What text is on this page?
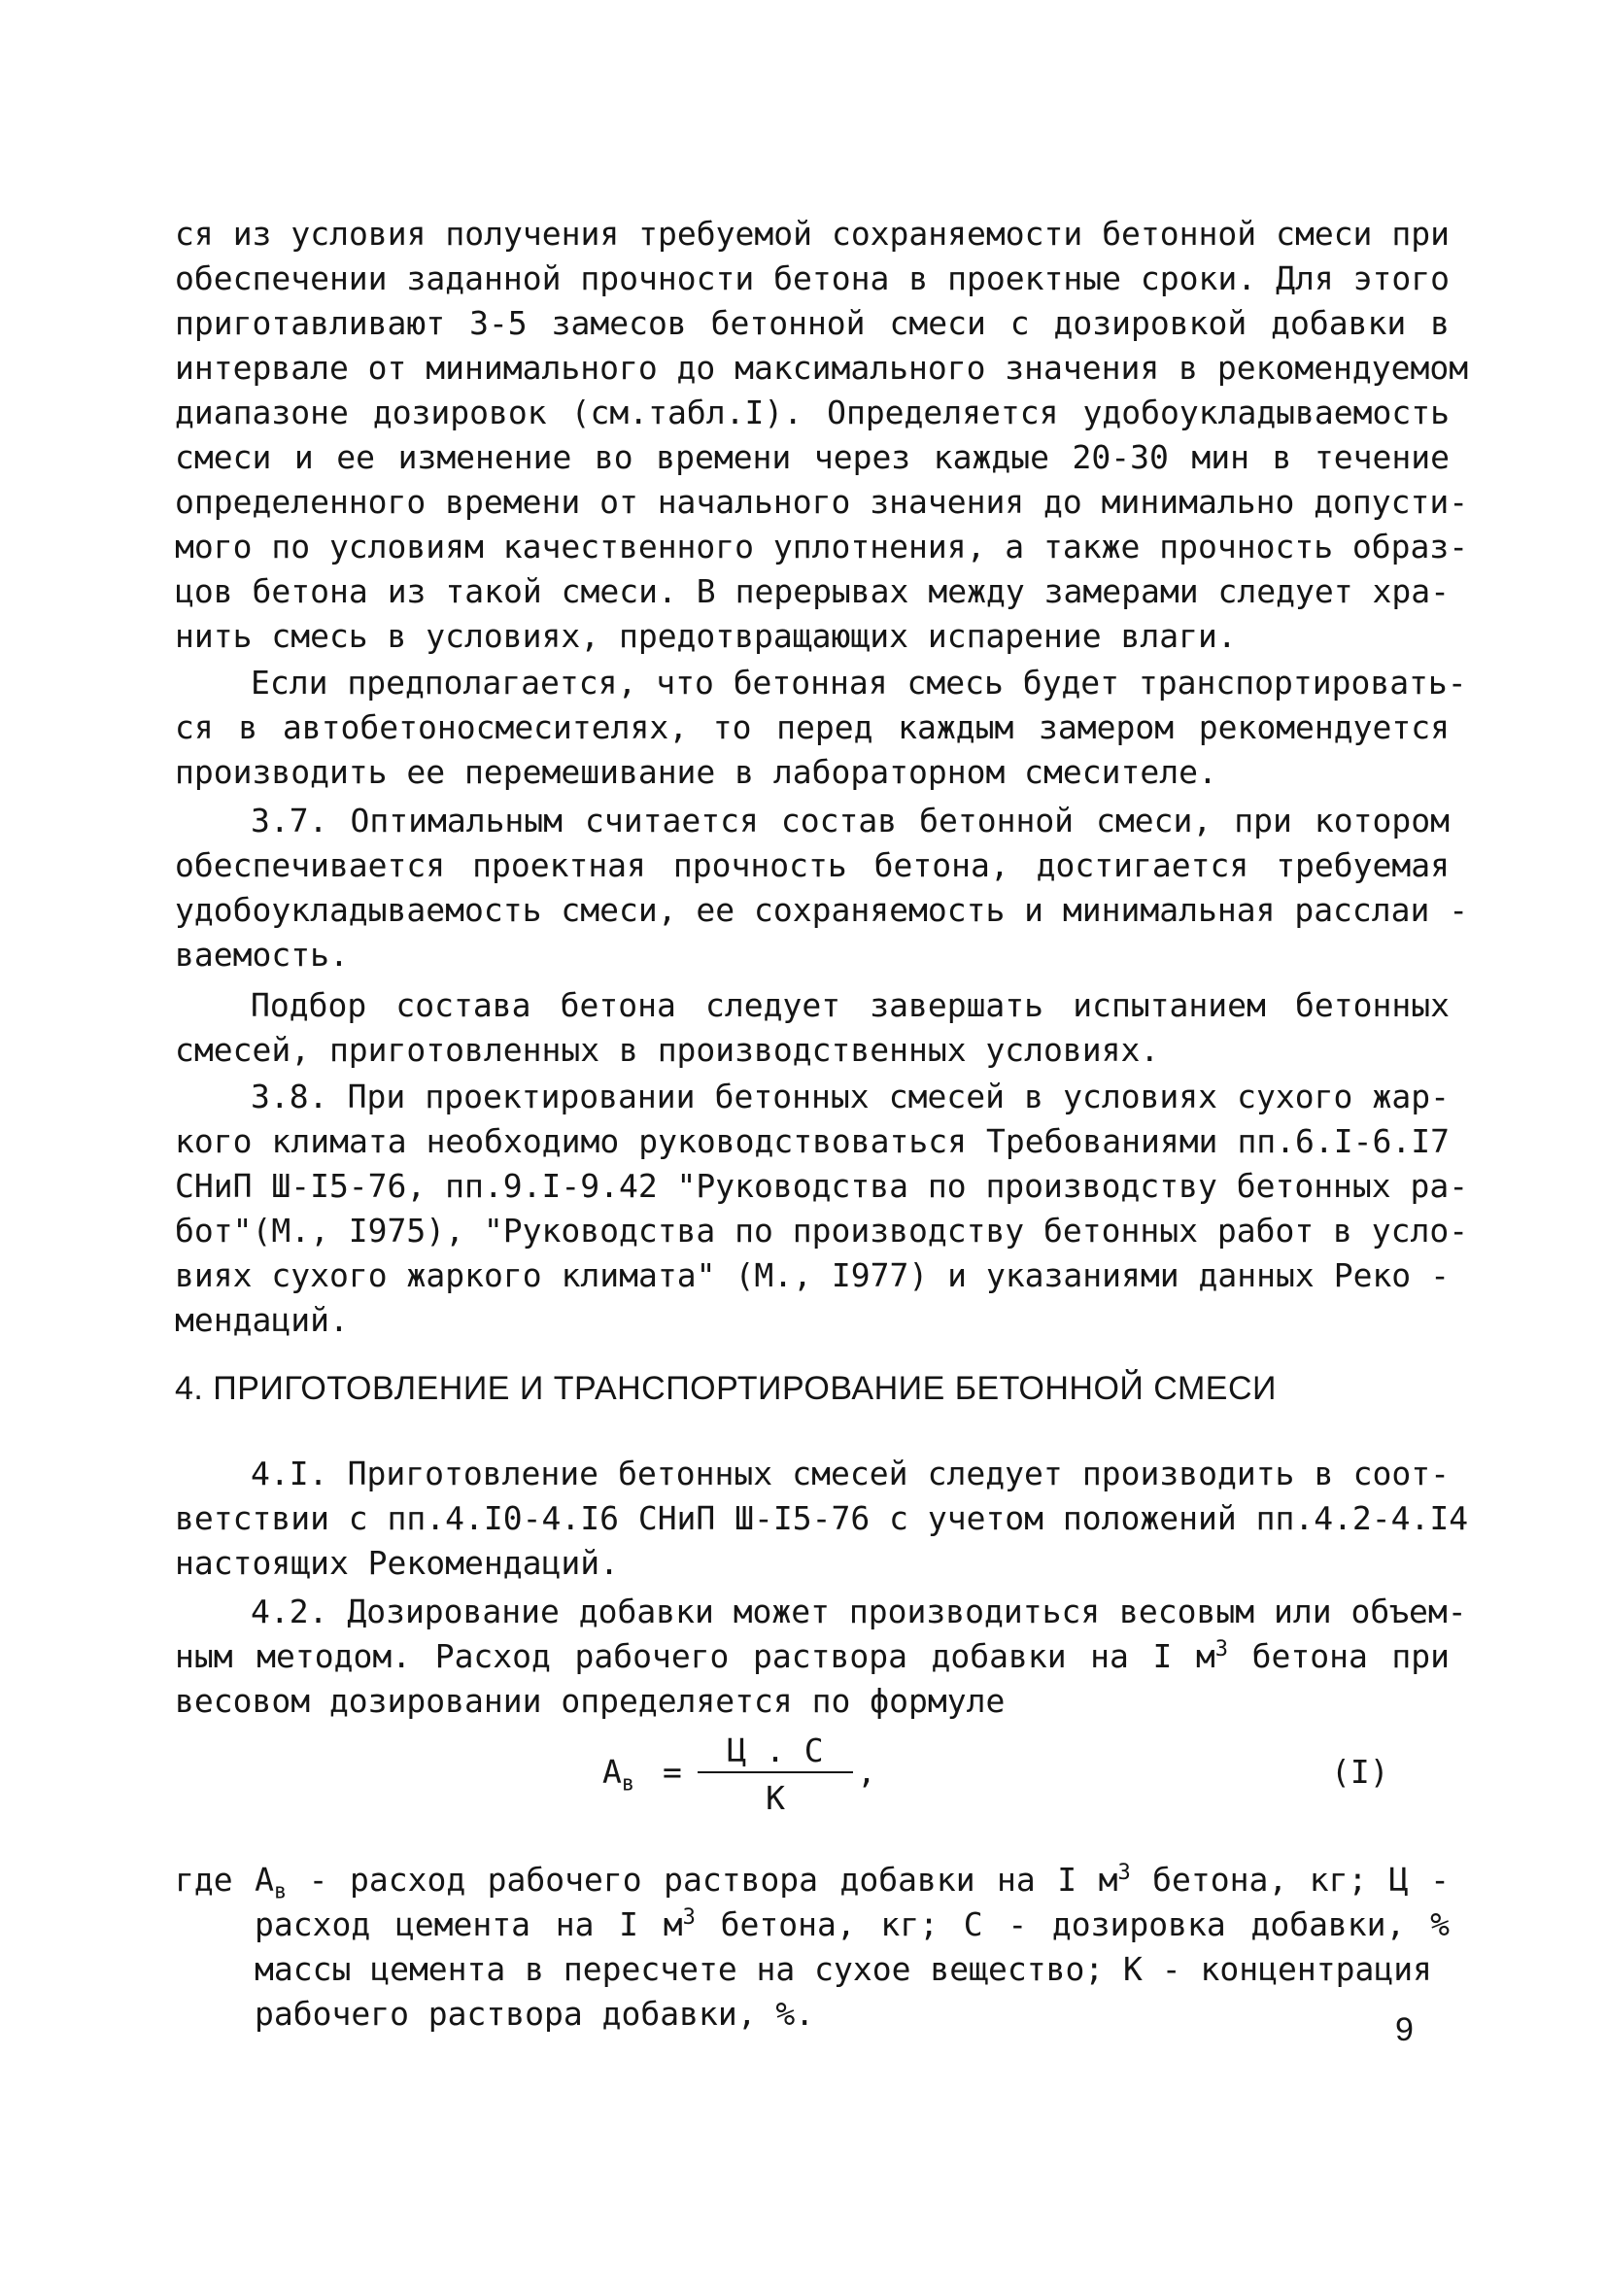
ся из условия получения требуемой сохраняемости бетонной смеси при
обеспечении заданной прочности бетона в проектные сроки. Для этого
приготавливают 3-5 замесов бетонной смеси с дозировкой добавки в
интервале от минимального до максимального значения в рекомендуемом
диапазоне дозировок (см.табл.I). Определяется удобоукладываемость
смеси и ее изменение во времени через каждые 20-30 мин в течение
определенного времени от начального значения до минимально допусти-
мого по условиям качественного уплотнения, а также прочность образ-
цов бетона из такой смеси. В перерывах между замерами следует хра-
нить смесь в условиях, предотвращающих испарение влаги.
Если предполагается, что бетонная смесь будет транспортировать-
ся в автобетоносмесителях, то перед каждым замером рекомендуется
производить ее перемешивание в лабораторном смесителе.
3.7. Оптимальным считается состав бетонной смеси, при котором
обеспечивается проектная прочность бетона, достигается требуемая
удобоукладываемость смеси, ее сохраняемость и минимальная расслаи -
ваемость.
Подбор состава бетона следует завершать испытанием бетонных
смесей, приготовленных в производственных условиях.
3.8. При проектировании бетонных смесей в условиях сухого жар-
кого климата необходимо руководствоваться Требованиями пп.6.I-6.I7
СНиП Ш-I5-76, пп.9.I-9.42 "Руководства по производству бетонных ра-
бот"(М., I975), "Руководства по производству бетонных работ в усло-
виях сухого жаркого климата" (М., I977) и указаниями данных Реко -
мендаций.
4. ПРИГОТОВЛЕНИЕ И ТРАНСПОРТИРОВАНИЕ БЕТОННОЙ СМЕСИ
4.I. Приготовление бетонных смесей следует производить в соот-
ветствии с пп.4.I0-4.I6 СНиП Ш-I5-76 с учетом положений пп.4.2-4.I4
настоящих Рекомендаций.
4.2. Дозирование добавки может производиться весовым или объем-
ным методом. Расход рабочего раствора добавки на I $м^3$ бетона при
весовом дозировании определяется по формуле
$А_в$ =
Ц . С
К
,	(I)
где $А_в$ - расход рабочего раствора добавки на I $м^3$ бетона, кг; Ц -
расход цемента на I $м^3$ бетона, кг; С - дозировка добавки, %
массы цемента в пересчете на сухое вещество; К - концентрация
рабочего раствора добавки, %.	9
